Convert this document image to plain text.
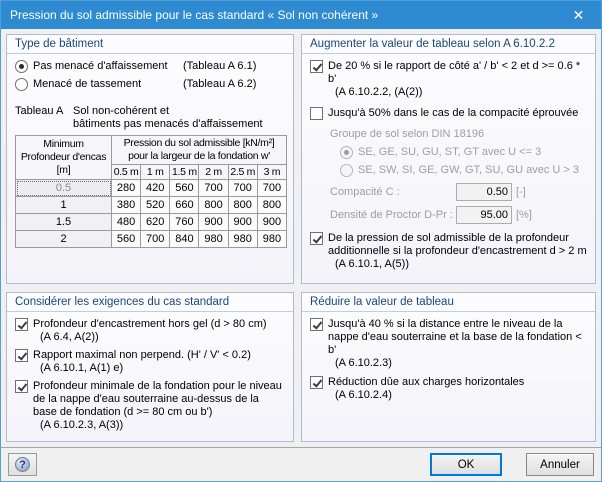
Pression du sol admissible pour le cas standard « Sol non cohérent »	✕
Type de bâtiment
Pas menacé d'affaissement	(Tableau A 6.1)
Menacé de tassement	(Tableau A 6.2)
Tableau A Sol non-cohérent et
bâtiments pas menacés d'affaissement
Minimum
Profondeur d'encas
[m]

Pression du sol admissible [kN/m²]
pour la largeur de la fondation w'

	0.5 m	1 m	1.5 m	2 m	2.5 m	3 m
0.5	280	420	560	700	700	700
1	380	520	660	800	800	800
1.5	480	620	760	900	900	900
2	560	700	840	980	980	980
Considérer les exigences du cas standard
Profondeur d'encastrement hors gel (d > 80 cm)
(A 6.4, A(2))
Rapport maximal non perpend. (H' / V' < 0.2)
(A 6.10.1, A(1) e)
Profondeur minimale de la fondation pour le niveau de la nappe d'eau souterraine au-dessus de la base de fondation (d >= 80 cm ou b')
(A 6.10.2.3, A(3))
Augmenter la valeur de tableau selon A 6.10.2.2
De 20 % si le rapport de côté a' / b' < 2 et d >= 0.6 * b'
(A 6.10.2.2, (A(2))
Jusqu'à 50% dans le cas de la compacité éprouvée
Groupe de sol selon DIN 18196
SE, GE, SU, GU, ST, GT avec U <= 3
SE, SW, SI, GE, GW, GT, SU, GU avec U > 3
Compacité C :	0.50 [-]
Densité de Proctor D-Pr :	95.00 [%]
De la pression de sol admissible de la profondeur additionnelle si la profondeur d'encastrement d > 2 m
(A 6.10.1, A(5))
Réduire la valeur de tableau
Jusqu'à 40 % si la distance entre le niveau de la nappe d'eau souterraine et la base de la fondation < b'
(A 6.10.2.3)
Réduction dûe aux charges horizontales
(A 6.10.2.4)
?	OK	Annuler
